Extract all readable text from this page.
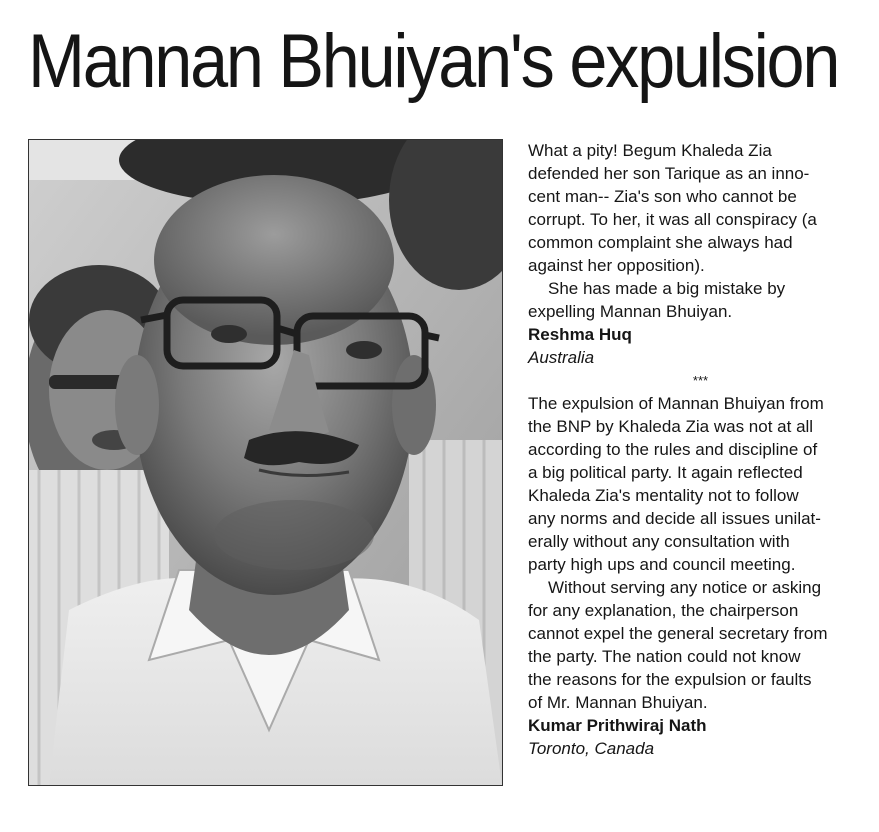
Mannan Bhuiyan's expulsion

What a pity! Begum Khaleda Zia
defended her son Tarique as an inno-
cent man-- Zia's son who cannot be
corrupt. To her, it was all conspiracy (a
common complaint she always had
against her opposition).

She has made a big mistake by
expelling Mannan Bhuiyan.

Reshma Huq

Australia

***

The expulsion of Mannan Bhuiyan from
the BNP by Khaleda Zia was not at all
according to the rules and discipline of
a big political party. It again reflected
Khaleda Zia's mentality not to follow
any norms and decide all issues unilat-
erally without any consultation with
party high ups and council meeting.

Without serving any notice or asking
for any explanation, the chairperson
cannot expel the general secretary from
the party. The nation could not know
the reasons for the expulsion or faults
of Mr. Mannan Bhuiyan.

Kumar Prithwiraj Nath

Toronto, Canada
